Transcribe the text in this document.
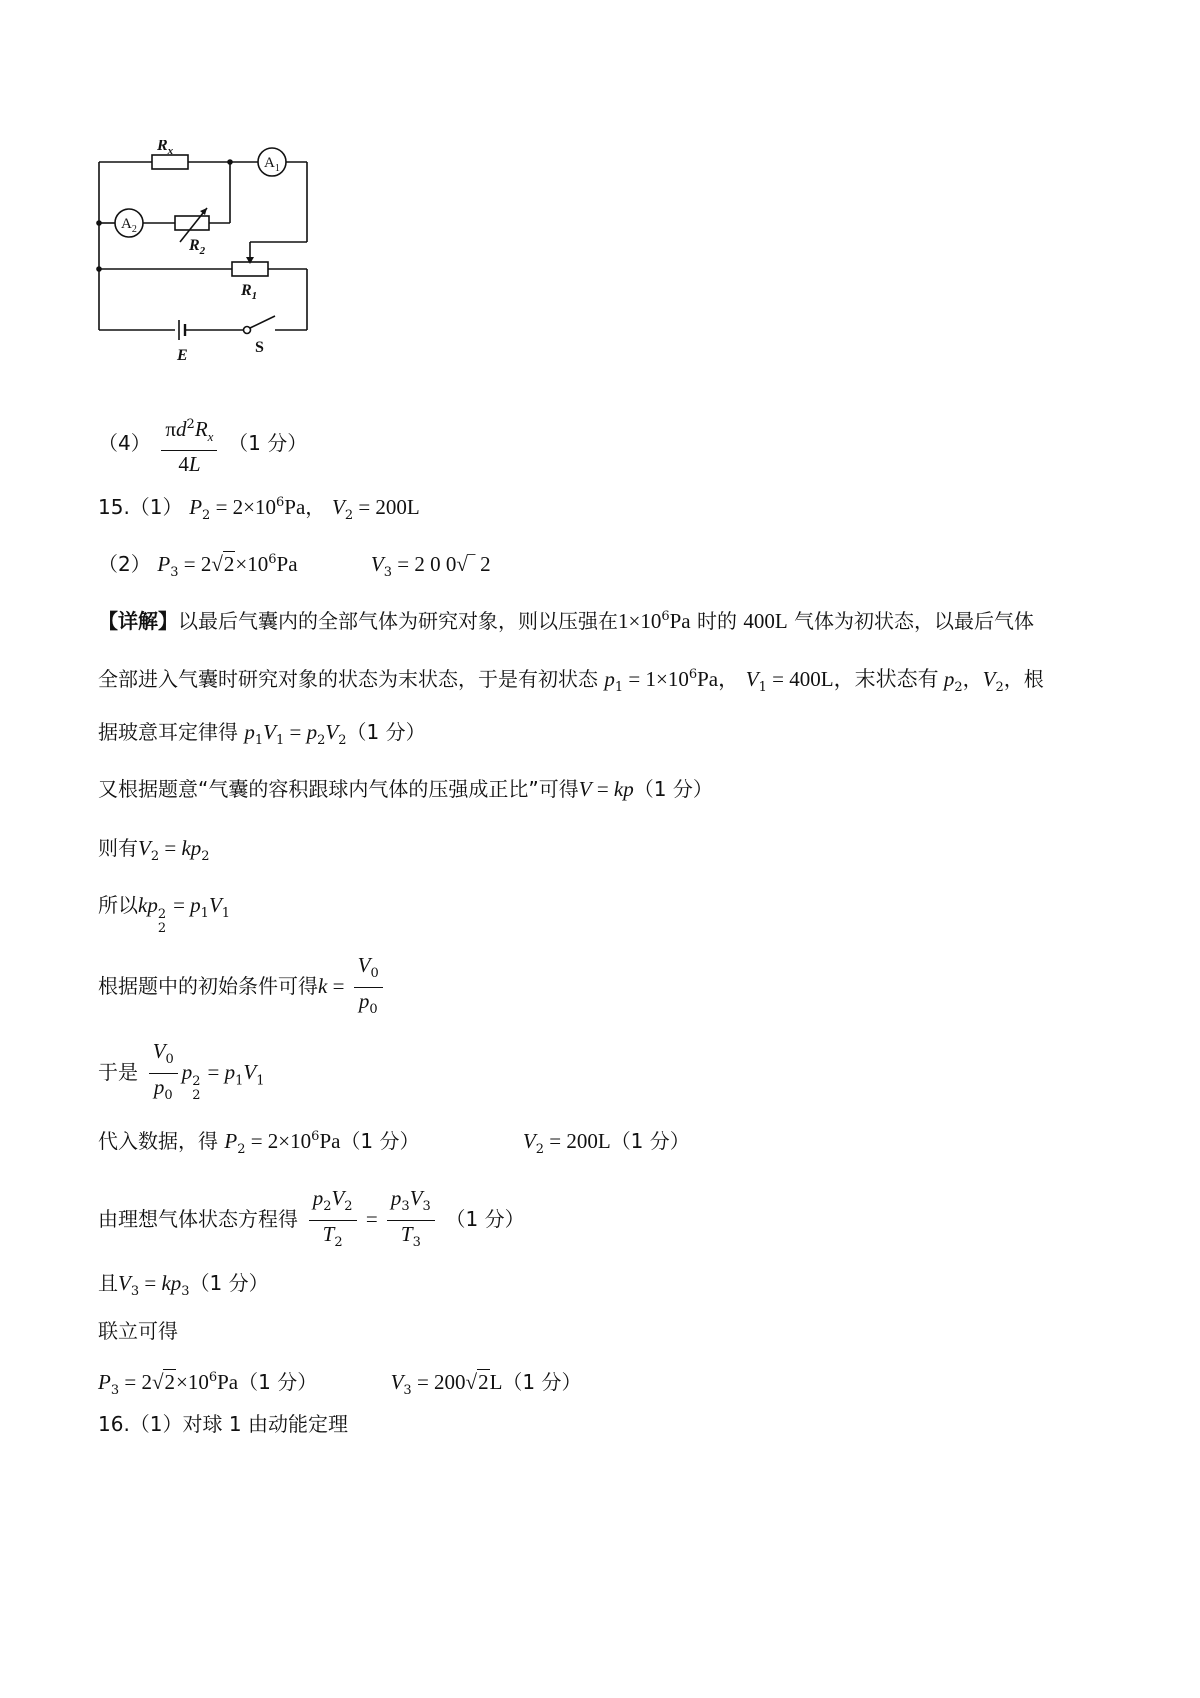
$R_x$
$A_1$
$A_2$
$R_2$
$R_1$
E	S
$(4) \frac{\pi d^2R_x}{4L} (1$ 分）
15.（1） $P_2 = 2\times 10^6Pa$， $V_2 = 200L$
（2） $P_3 = 2√2\times 10^6Pa$	$V_3 = 2$ 0 0√‾ 2
【详解】以最后气囊内的全部气体为研究对象，则以压强在$1\times 10^6Pa$ 时的 400L 气体为初状态，以最后气体
全部进入气囊时研究对象的状态为末状态，于是有初状态 $p_1 = 1\times 10^6Pa$， $V_1 = 400L$，末状态有 $p_2$，$V_2$，根
据玻意耳定律得 $p_1V_1 = p_2V_2(1$ 分）
又根据题意“气囊的容积跟球内气体的压强成正比”可得V = kp（1 分）
则有$V_2 = kp_2$
所以kp 2
2
= $p_1V_1$
根据题中的初始条件可得$k = \frac{V_0}{p_0}$
于是 $\frac{V_0}{p_0}$ p 2
2
= $p_1V_1$
代入数据，得 $P_2 = 2\times 10^6Pa(1$ 分）	$V_2 = 200L(1$ 分）
由理想气体状态方程得 $\frac{p_2V_2}{T_2} = \frac{p_3V_3}{T_3} (1$ 分）
且$V_3 = kp_3(1$ 分）
联立可得
$P_3 = 2√2\times 10^6Pa(1$ 分）	$V_3 = 200√2L(1$ 分）
16.（1）对球 1 由动能定理
